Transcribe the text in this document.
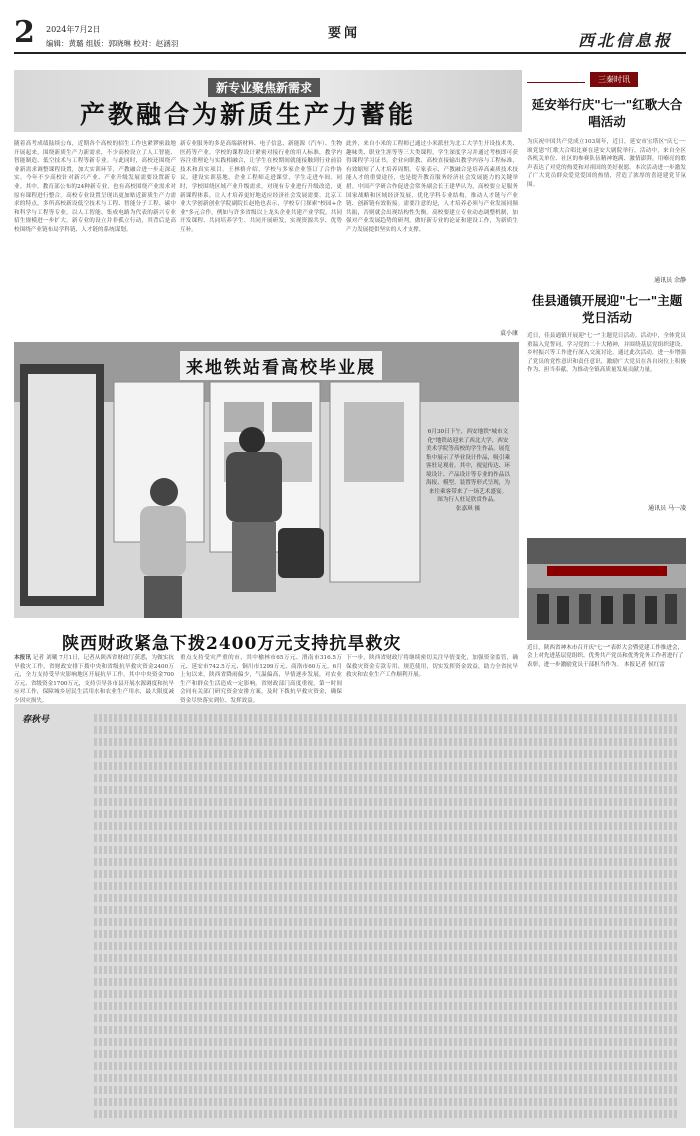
2 2024年7月2日
编辑：黄璐 组版：郭晓琳 校对：赵涵羽
要闻	西北信息报
新专业聚焦新需求
产教融合为新质生产力蓄能
随着高考成绩陆续公布，近期各个高校的招生工作也紧锣密鼓地开展起来。围绕新质生产力新需求，不少高校设立了人工智能、智能制造、低空技术与工程等新专业。与此同时，高校还围绕产业新需求调整课程设置，加大实训环节，产教融合进一步走深走实。今年不少高校针对新兴产业、产业升级发展需要设置新专业。其中，教育部公布的24种新专业，也有高校围绕产业需求对原有课程进行整合。高校专业设置呈现出更加贴近新质生产力需求的特点，多所高校新设低空技术与工程、智能分子工程、碳中和科学与工程等专业，以人工智能、集成电路为代表的新兴专业招生规模进一步扩大。新专业的设立并非孤立行动，其背后是高校围绕产业链布局学科链、人才链的系统谋划。
新专业服务的多是高端新材料、电子信息、新能源（汽车）、生物医药等产业。学校的课程设计紧密对接行业的用人标准，教学内容注重理论与实践相融合，让学生在校期间就能接触到行业前沿技术和真实项目。王林格介绍，学校与多家企业签订了合作协议，建设实训基地，企业工程师走进课堂，学生走进车间。同时，学校围绕区域产业升级需求，对现有专业进行升级改造，更新课程体系，让人才培养更好地适应经济社会发展需要。北京工业大学创新创业学院副院长赵艳也表示，学校专门探索"校园+企业"多元合作，例如与许多省级以上龙头企业共建产业学院，共同开发课程、共同培养学生、共同开展研发，实现资源共享、优势互补。
此外，来自小米的工程师已通过小米派驻为北工大学生开设技术类、趣味类、职业生涯等等三大类课程，学生深度学习并通过考核即可获得课程学习证书。企业向职教、高校直接输出教学内容与工程标准，有效缩短了人才培养周期。专家表示，产教融合是培养高素质技术技能人才的重要途径，也是提升教育服务经济社会发展能力的关键举措。中国产学研合作促进会常务副会长王建华认为，高校要立足服务国家战略和区域经济发展，优化学科专业结构，推动人才链与产业链、创新链有效衔接。需要注意的是，人才培养必须与产业发展同频共振，否则就会出现结构性失衡。高校要建立专业动态调整机制，加强对产业发展趋势的研判，做好新专业的论证和建设工作，为新质生产力发展提供坚实的人才支撑。
袁小康
来地铁站看高校毕业展
6月30日下午，西安地铁"城市文化"地铁站迎来了西北大学、西安美术学院等高校的学生作品，展览集中展示了毕业设计作品，吸引乘客驻足观看。其中，视觉传达、环境设计、产品设计等专业的作品以海报、模型、装置等形式呈现，为来往乘客带来了一场艺术盛宴。
图为行人驻足欣赏作品。
张嘉琪 摄
陕西财政紧急下拨2400万元支持抗旱救灾
本报讯 记者 刘曦 7月1日，记者从陕西省财政厅获悉，为做实抗旱救灾工作，省财政安排下拨中央和省级抗旱救灾资金2400万元，全力支持受旱灾影响地区开展抗旱工作。其中中央资金700万元、省级资金1700万元，支持引导各市县开展水源调度和抗旱应对工作，保障城乡居民生活用水和农业生产用水，最大限度减少因灾损失。
重点支持受灾严重的市，其中榆林市65万元、渭南市316.5万元、延安市742.5万元、铜川市1299万元、商洛市60万元。6月上旬以来，陕西省降雨偏少，气温偏高，旱情逐步发展，对农业生产和群众生活造成一定影响。省财政部门高度重视，第一时间会同有关部门研究资金安排方案，及时下拨抗旱救灾资金，确保资金尽快落实到位、发挥效益。
下一步，陕西省财政厅将继续密切关注旱情变化，加强资金监管，确保救灾资金专款专用、规范使用，切实发挥资金效益，助力全省抗旱救灾和农业生产工作顺利开展。
三秦时讯
延安举行庆"七一"红歌大合唱活动
为庆祝中国共产党成立103周年，近日，延安市宝塔区"庆七一·颂党恩"红歌大合唱比赛在延安大剧院举行。活动中，来自全区各机关单位、社区的参赛队伍精神饱满、激情澎湃，用嘹亮的歌声表达了对党的热爱和对祖国的美好祝愿。本次活动进一步激发了广大党员群众爱党爱国的热情，营造了浓厚的喜迎建党节氛围。
通讯员 余静
佳县通镇开展迎"七一"主题党日活动
近日，佳县通镇开展迎"七一"主题党日活动。活动中，全体党员重温入党誓词，学习党的二十大精神，并围绕基层党组织建设、乡村振兴等工作进行深入交流讨论。通过此次活动，进一步增强了党员的党性意识和责任意识，激励广大党员在各自岗位上积极作为、担当奉献，为推动全镇高质量发展贡献力量。
通讯员 马一凌
近日，陕西省神木市召开庆"七一"表彰大会暨党建工作推进会，会上对先进基层党组织、优秀共产党员和优秀党务工作者进行了表彰，进一步激励党员干部担当作为。 本报记者 侯红雷
春秋号
